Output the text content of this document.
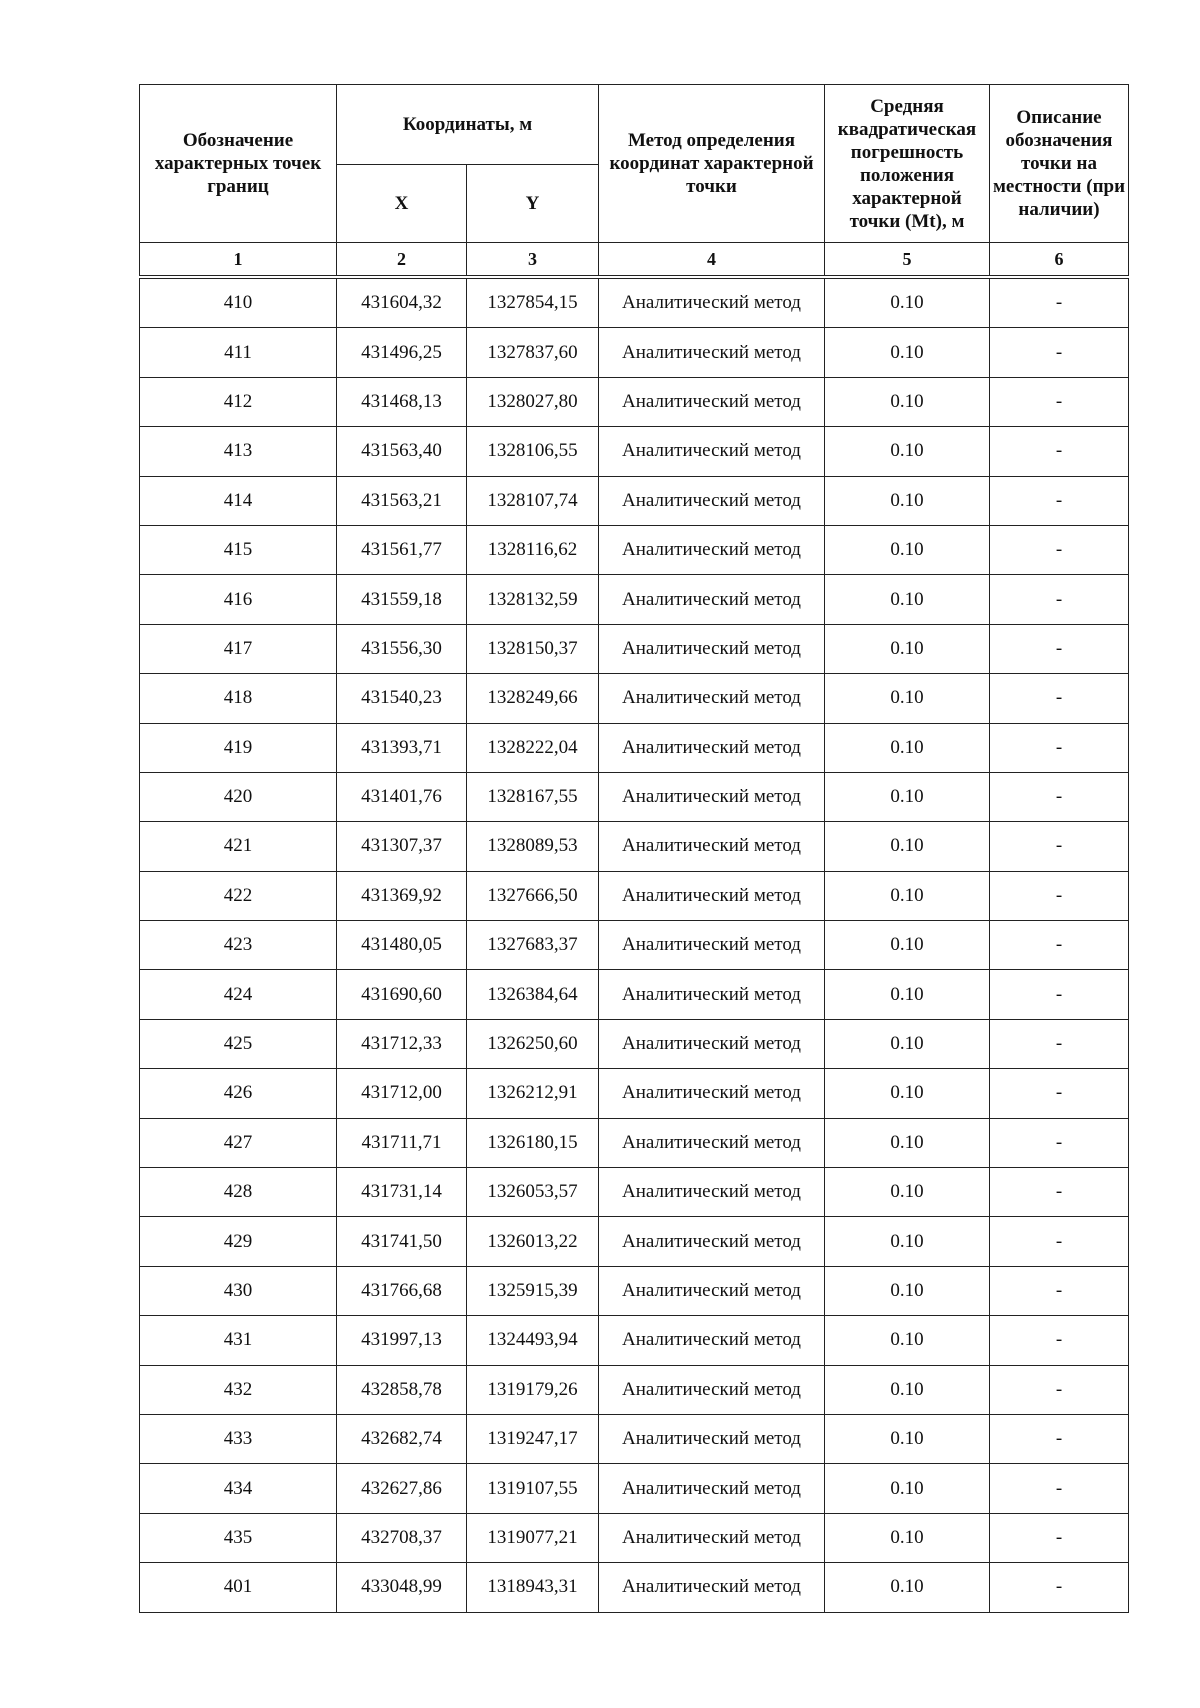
Обозначение характерных точек границ	Координаты, м		Метод определения координат характерной точки	Средняя квадратическая погрешность положения характерной точки (Mt), м	Описание обозначения точки на местности (при наличии)
	X	Y			
1	2	3	4	5	6

410	431604,32	1327854,15	Аналитический метод	0.10	-
411	431496,25	1327837,60	Аналитический метод	0.10	-
412	431468,13	1328027,80	Аналитический метод	0.10	-
413	431563,40	1328106,55	Аналитический метод	0.10	-
414	431563,21	1328107,74	Аналитический метод	0.10	-
415	431561,77	1328116,62	Аналитический метод	0.10	-
416	431559,18	1328132,59	Аналитический метод	0.10	-
417	431556,30	1328150,37	Аналитический метод	0.10	-
418	431540,23	1328249,66	Аналитический метод	0.10	-
419	431393,71	1328222,04	Аналитический метод	0.10	-
420	431401,76	1328167,55	Аналитический метод	0.10	-
421	431307,37	1328089,53	Аналитический метод	0.10	-
422	431369,92	1327666,50	Аналитический метод	0.10	-
423	431480,05	1327683,37	Аналитический метод	0.10	-
424	431690,60	1326384,64	Аналитический метод	0.10	-
425	431712,33	1326250,60	Аналитический метод	0.10	-
426	431712,00	1326212,91	Аналитический метод	0.10	-
427	431711,71	1326180,15	Аналитический метод	0.10	-
428	431731,14	1326053,57	Аналитический метод	0.10	-
429	431741,50	1326013,22	Аналитический метод	0.10	-
430	431766,68	1325915,39	Аналитический метод	0.10	-
431	431997,13	1324493,94	Аналитический метод	0.10	-
432	432858,78	1319179,26	Аналитический метод	0.10	-
433	432682,74	1319247,17	Аналитический метод	0.10	-
434	432627,86	1319107,55	Аналитический метод	0.10	-
435	432708,37	1319077,21	Аналитический метод	0.10	-
401	433048,99	1318943,31	Аналитический метод	0.10	-
